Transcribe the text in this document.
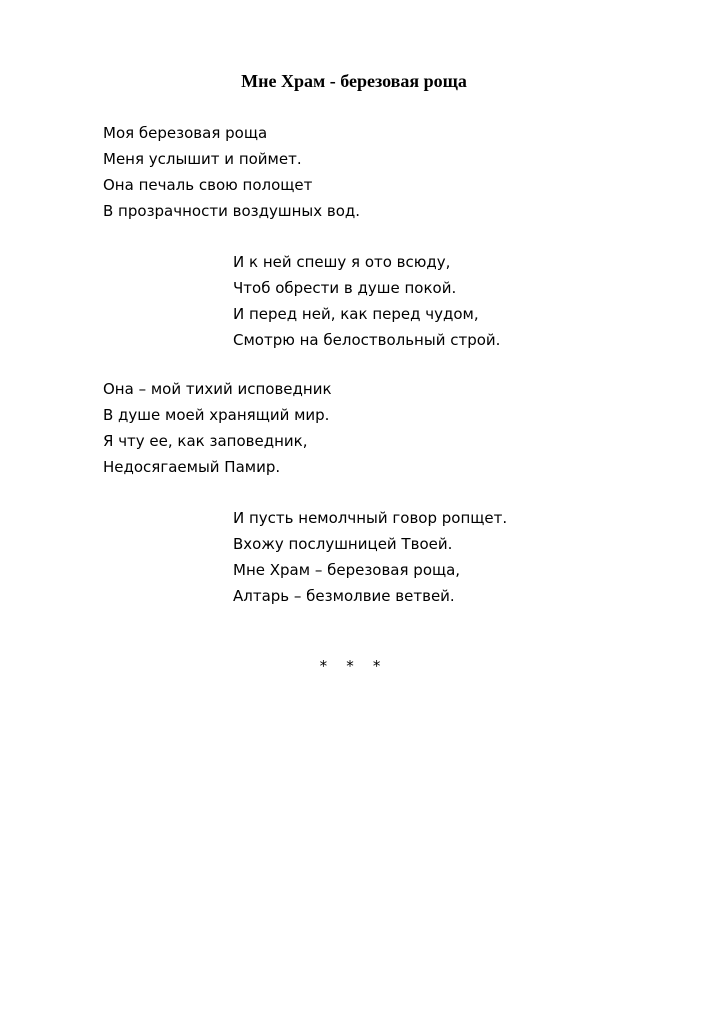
Мне Храм - березовая роща
Моя березовая роща
Меня услышит и поймет.
Она печаль свою полощет
В прозрачности воздушных вод.
И к ней спешу я ото всюду,
Чтоб обрести в душе покой.
И перед ней, как перед чудом,
Смотрю на белоствольный строй.
Она – мой тихий исповедник
В душе моей хранящий мир.
Я чту ее, как заповедник,
Недосягаемый Памир.
И пусть немолчный говор ропщет.
Вхожу послушницей Твоей.
Мне Храм – березовая роща,
Алтарь – безмолвие ветвей.
*    *    *
